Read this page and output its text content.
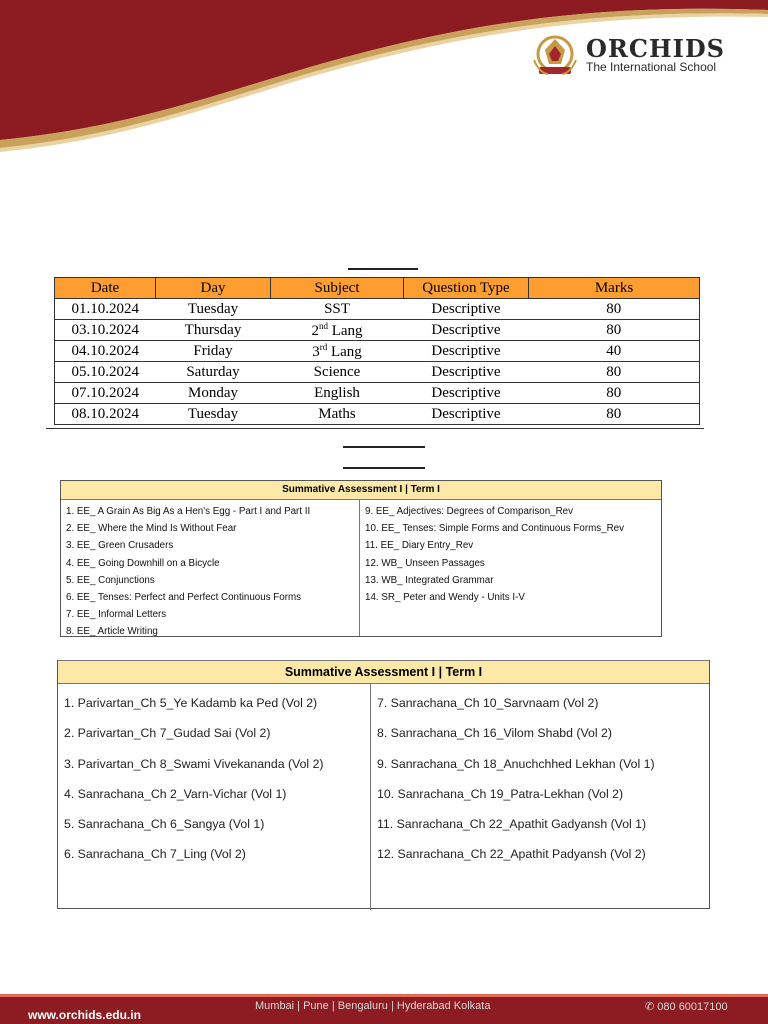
ORCHIDS
The International School
Date	Day	Subject	Question Type	Marks
01.10.2024	Tuesday	SST	Descriptive	80
03.10.2024	Thursday	2nd Lang	Descriptive	80
04.10.2024	Friday	3rd Lang	Descriptive	40
05.10.2024	Saturday	Science	Descriptive	80
07.10.2024	Monday	English	Descriptive	80
08.10.2024	Tuesday	Maths	Descriptive	80
Summative Assessment I | Term I
1. EE_ A Grain As Big As a Hen's Egg - Part I and Part II
2. EE_ Where the Mind Is Without Fear
3. EE_ Green Crusaders
4. EE_ Going Downhill on a Bicycle
5. EE_ Conjunctions
6. EE_ Tenses: Perfect and Perfect Continuous Forms
7. EE_ Informal Letters
8. EE_ Article Writing
9. EE_ Adjectives: Degrees of Comparison_Rev
10. EE_ Tenses: Simple Forms and Continuous Forms_Rev
11. EE_ Diary Entry_Rev
12. WB_ Unseen Passages
13. WB_ Integrated Grammar
14. SR_ Peter and Wendy - Units I-V
Summative Assessment I | Term I
1. Parivartan_Ch 5_Ye Kadamb ka Ped (Vol 2)
2. Parivartan_Ch 7_Gudad Sai (Vol 2)
3. Parivartan_Ch 8_Swami Vivekananda (Vol 2)
4. Sanrachana_Ch 2_Varn-Vichar (Vol 1)
5. Sanrachana_Ch 6_Sangya (Vol 1)
6. Sanrachana_Ch 7_Ling (Vol 2)
7. Sanrachana_Ch 10_Sarvnaam (Vol 2)
8. Sanrachana_Ch 16_Vilom Shabd (Vol 2)
9. Sanrachana_Ch 18_Anuchchhed Lekhan (Vol 1)
10. Sanrachana_Ch 19_Patra-Lekhan (Vol 2)
11. Sanrachana_Ch 22_Apathit Gadyansh (Vol 1)
12. Sanrachana_Ch 22_Apathit Padyansh (Vol 2)
www.orchids.edu.in
Mumbai | Pune | Bengaluru | Hyderabad Kolkata	✆ 080 60017100
